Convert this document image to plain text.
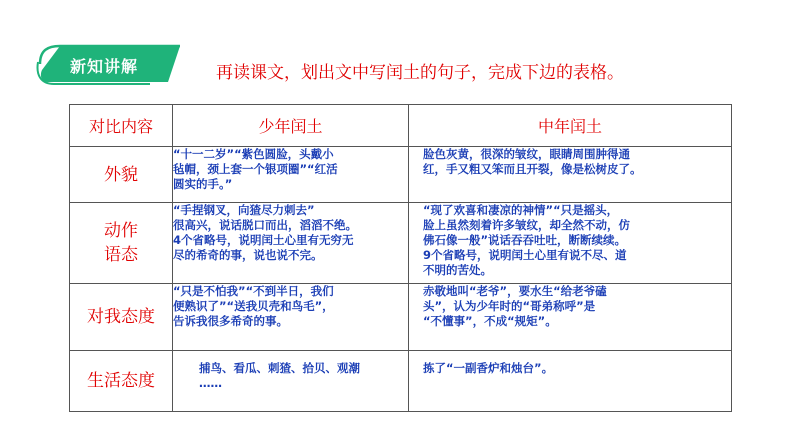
新知讲解	再读课文，划出文中写闰土的句子，完成下边的表格。
对比内容	少年闰土	中年闰土

外貌	“十一二岁”“紫色圆脸，头戴小
毡帽，颈上套一个银项圈”“红活
圆实的手。”	脸色灰黄，很深的皱纹，眼睛周围肿得通
红，手又粗又笨而且开裂，像是松树皮了。

动作
语态	“手捏钢叉，向猹尽力刺去”
很高兴，说话脱口而出，滔滔不绝。
4个省略号，说明闰土心里有无穷无
尽的希奇的事，说也说不完。	“现了欢喜和凄凉的神情”“只是摇头，
脸上虽然刻着许多皱纹，却全然不动，仿
佛石像一般”说话吞吞吐吐，断断续续。
9个省略号，说明闰土心里有说不尽、道
不明的苦处。

对我态度	“只是不怕我”“不到半日，我们
便熟识了”“送我贝壳和鸟毛”，
告诉我很多希奇的事。	赤敬地叫“老爷”，要水生“给老爷磕
头”，认为少年时的“哥弟称呼”是
“不懂事”，不成“规矩”。

生活态度	捕鸟、看瓜、刺猹、拾贝、观潮
……	拣了“一副香炉和烛台”。
